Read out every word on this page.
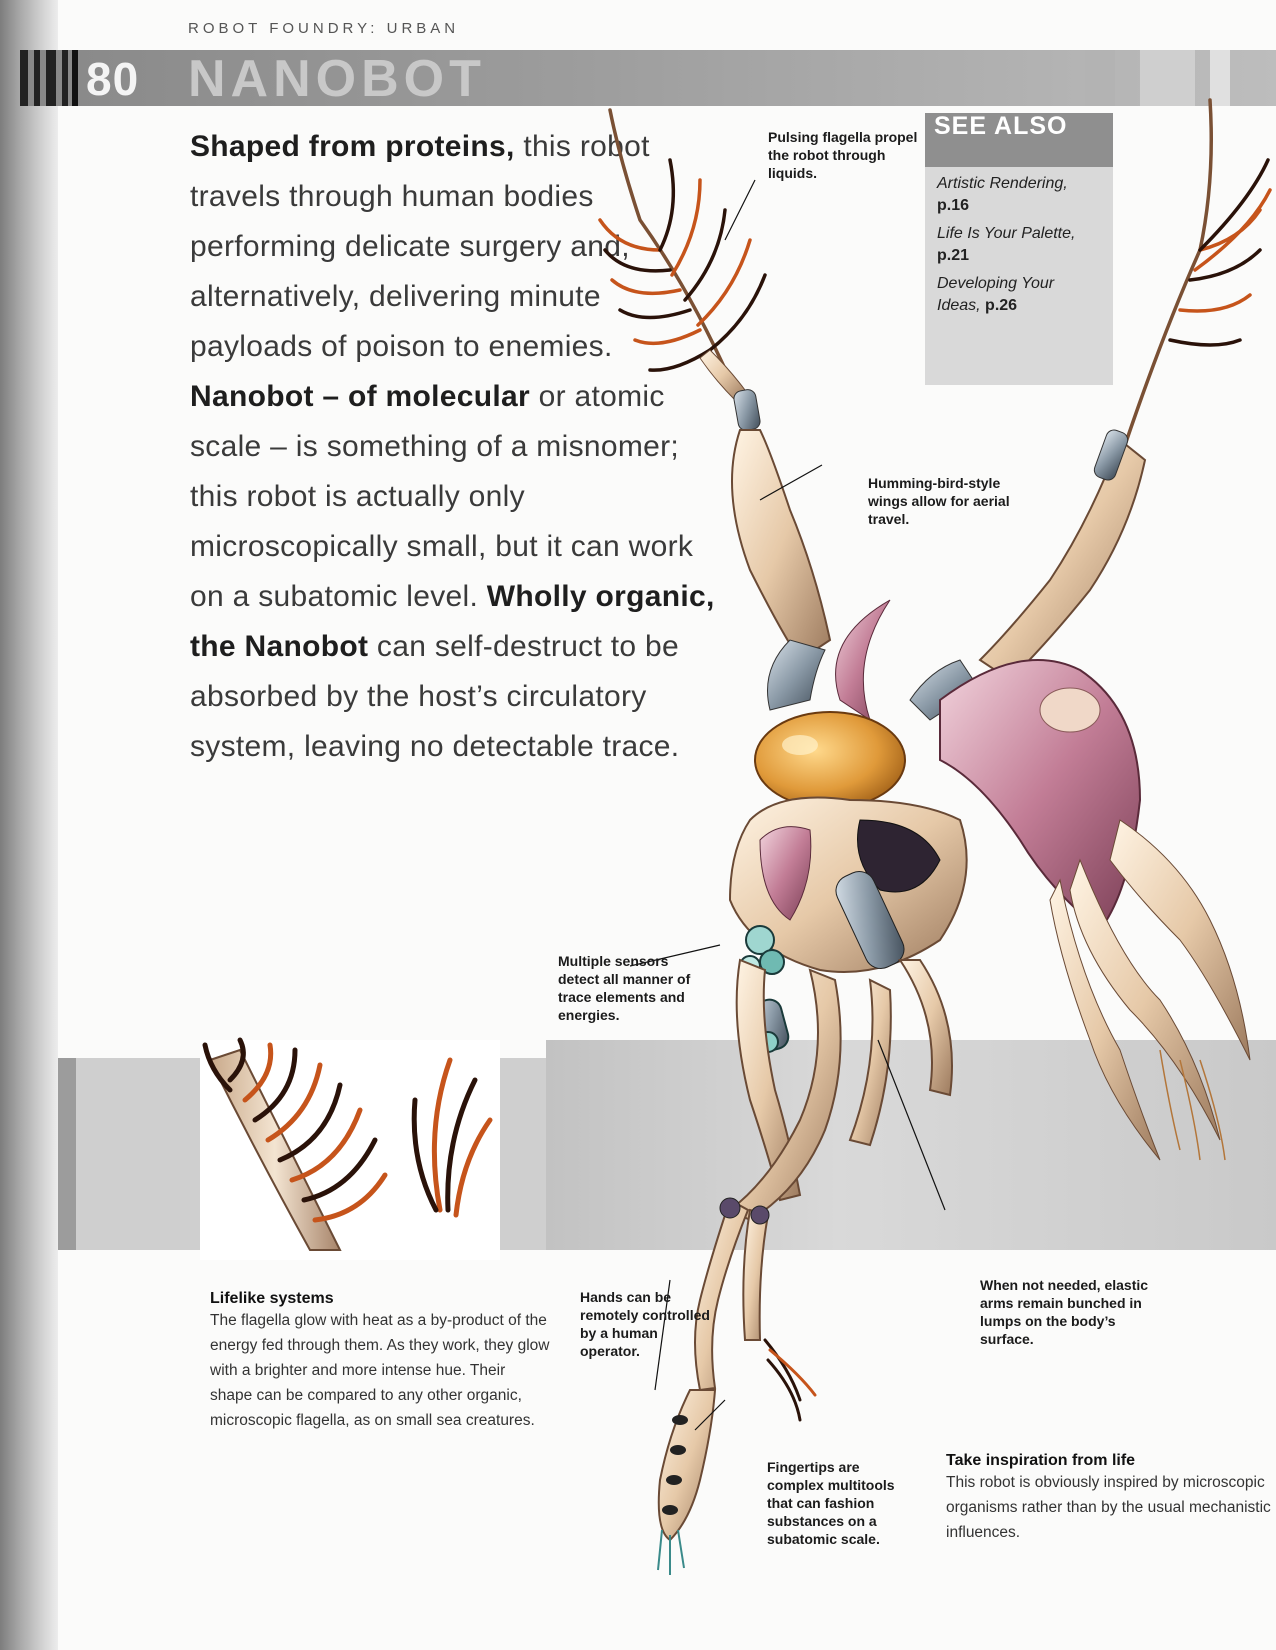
ROBOT FOUNDRY: URBAN
80 NANOBOT
Shaped from proteins, this robot travels through human bodies performing delicate surgery and, alternatively, delivering minute payloads of poison to enemies. Nanobot – of molecular or atomic scale – is something of a misnomer; this robot is actually only microscopically small, but it can work on a subatomic level. Wholly organic, the Nanobot can self-destruct to be absorbed by the host’s circulatory system, leaving no detectable trace.
SEE ALSO
Artistic Rendering,
p.16
Life Is Your Palette,
p.21
Developing Your Ideas, p.26
Pulsing flagella propel the robot through liquids.
Humming-bird-style wings allow for aerial travel.
Multiple sensors detect all manner of trace elements and energies.
Hands can be remotely controlled by a human operator.
When not needed, elastic arms remain bunched in lumps on the body’s surface.
Fingertips are complex multitools that can fashion substances on a subatomic scale.
Lifelike systems
The flagella glow with heat as a by-product of the energy fed through them. As they work, they glow with a brighter and more intense hue. Their shape can be compared to any other organic, microscopic flagella, as on small sea creatures.
Take inspiration from life
This robot is obviously inspired by microscopic organisms rather than by the usual mechanistic influences.
